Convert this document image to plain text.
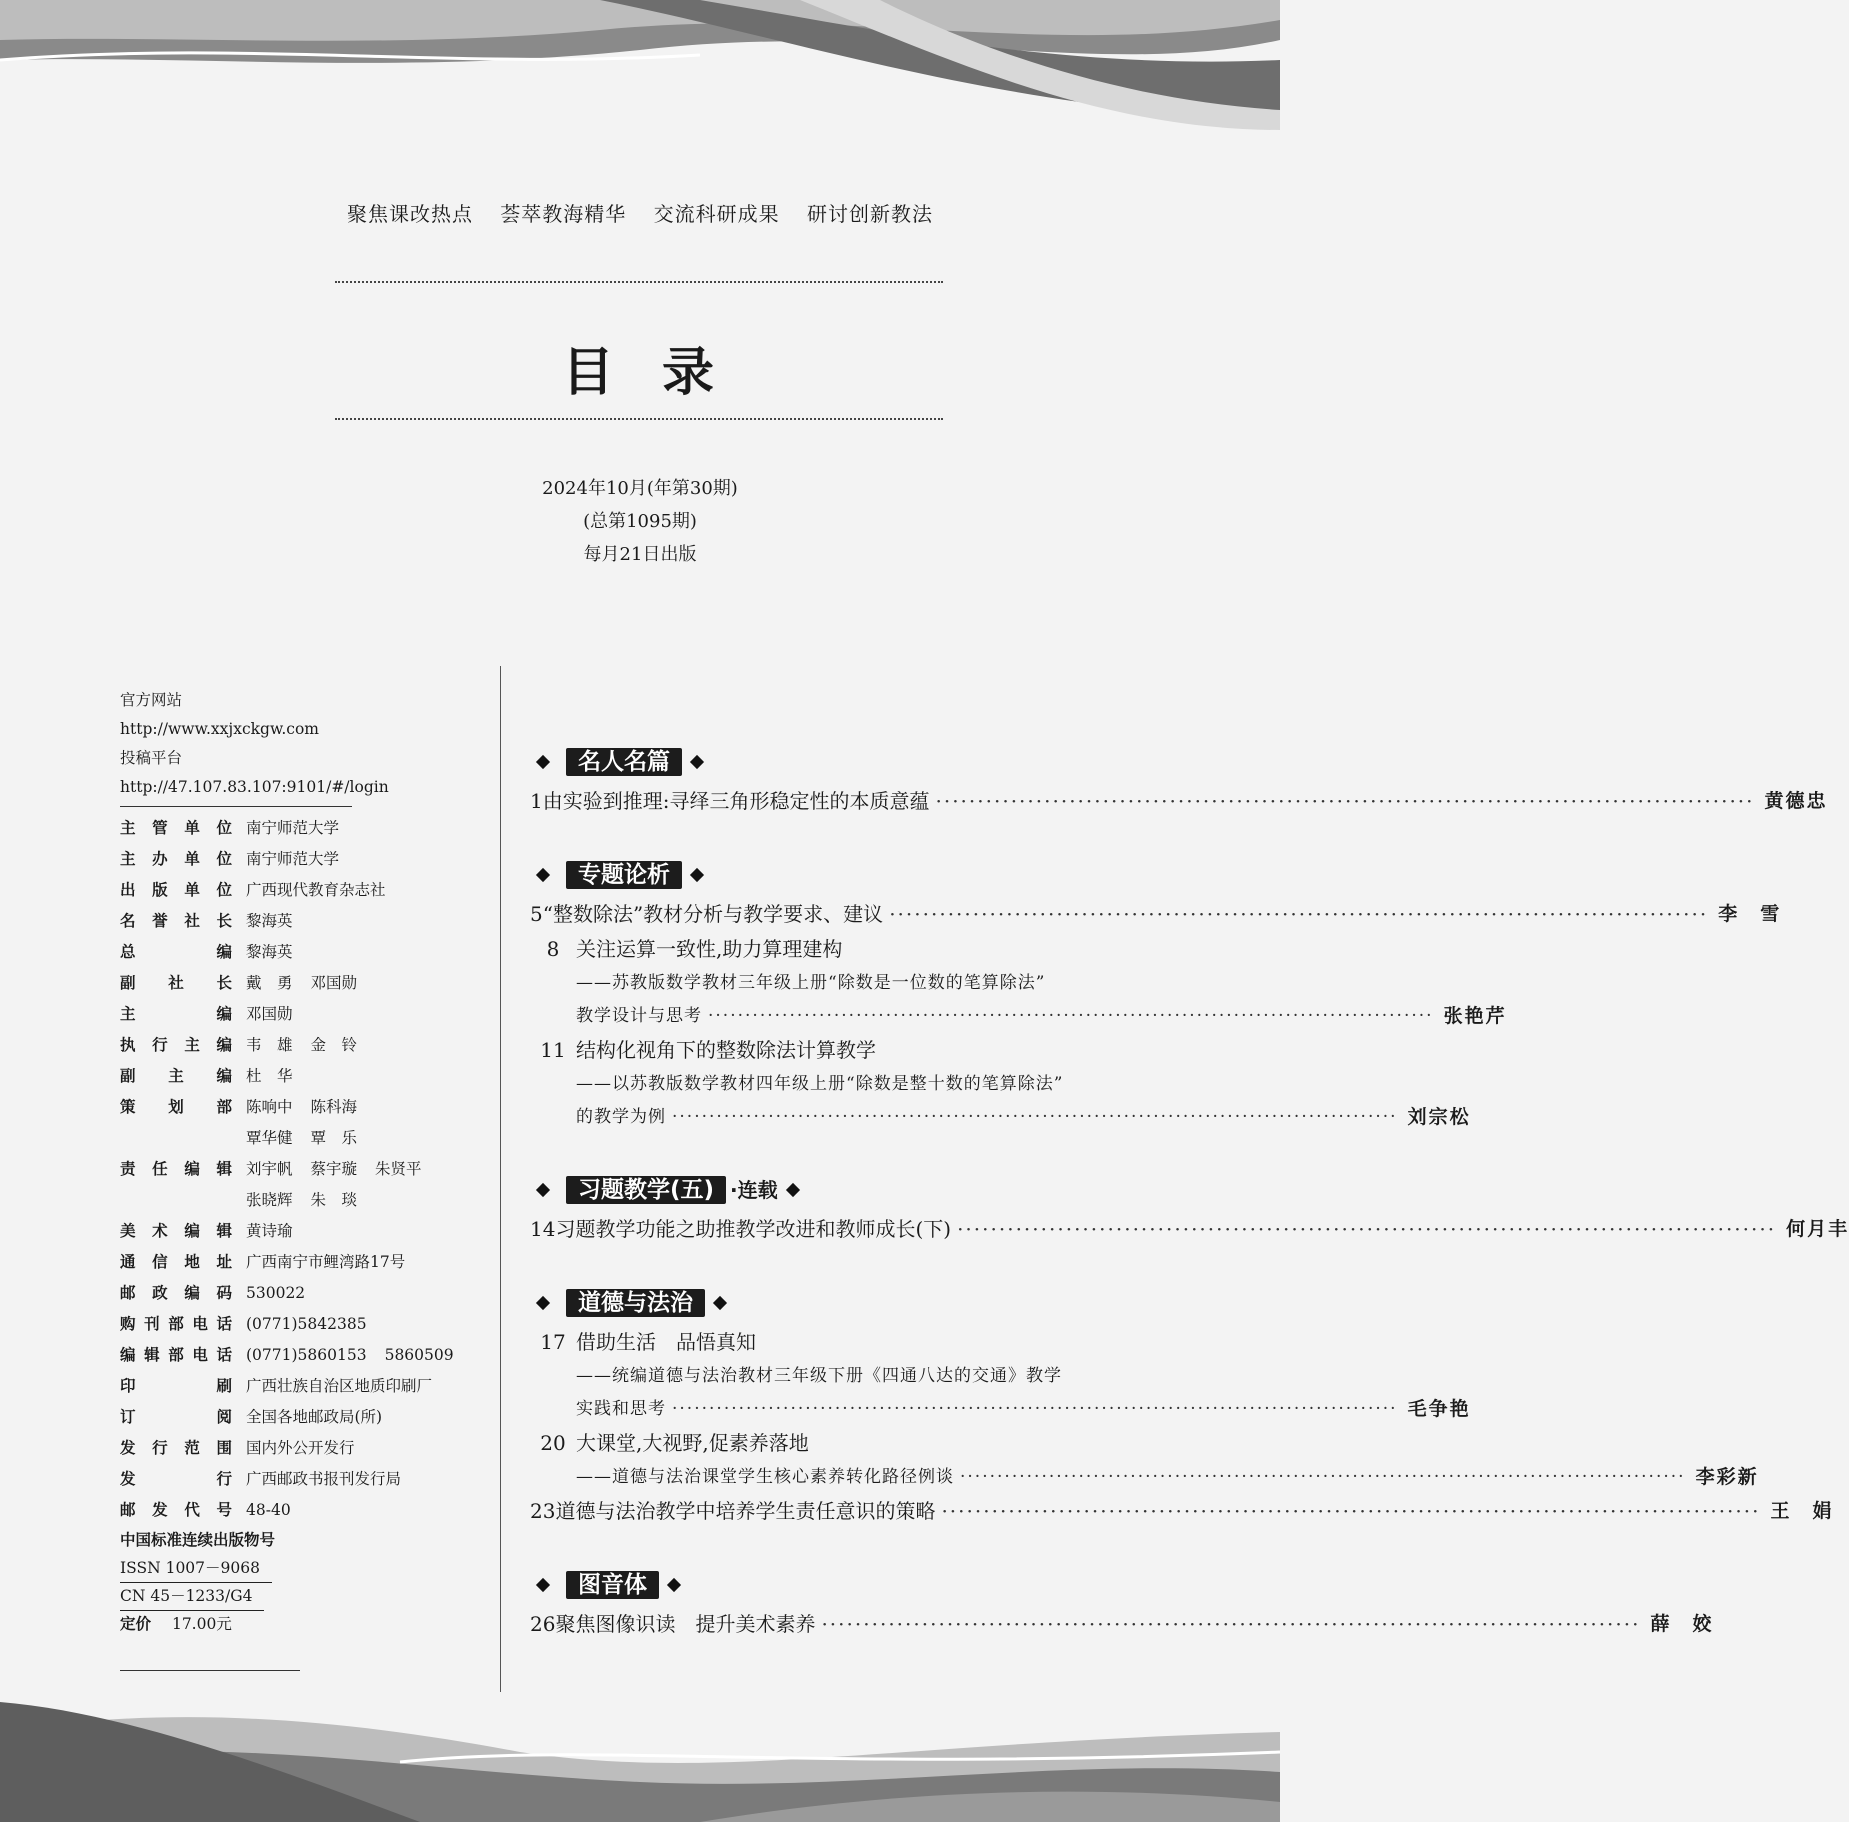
聚焦课改热点 荟萃教海精华 交流科研成果 研讨创新教法
目 录
2024年10月(年第30期)
(总第1095期)
每月21日出版
官方网站
http://www.xxjxckgw.com
投稿平台
http://47.107.83.107:9101/#/login
主管单位 南宁师范大学
主办单位 南宁师范大学
出版单位 广西现代教育杂志社
名誉社长 黎海英
总编 黎海英
副社长 戴　勇 邓国勋
主编 邓国勋
执行主编 韦　雄 金　铃
副主编 杜　华
策划部 陈响中 陈科海

覃华健 覃　乐
责任编辑 刘宇帆 蔡宇璇 朱贤平

张晓辉 朱　琰
美术编辑 黄诗瑜
通信地址 广西南宁市鲤湾路17号
邮政编码 530022
购刊部电话 (0771)5842385
编辑部电话 (0771)5860153 5860509
印刷 广西壮族自治区地质印刷厂
订阅 全国各地邮政局(所)
发行范围 国内外公开发行
发行 广西邮政书报刊发行局
邮发代号 48-40
中国标准连续出版物号
ISSN 1007－9068
CN 45－1233/G4
定价 17.00元
名人名篇
1 由实验到推理:寻绎三角形稳定性的本质意蕴 ·································································································· 黄德忠
专题论析
5 “整数除法”教材分析与教学要求、建议 ·································································································· 李　雪
8 关注运算一致性,助力算理建构
——苏教版数学教材三年级上册“除数是一位数的笔算除法”
教学设计与思考 ·································································································· 张艳芹
11 结构化视角下的整数除法计算教学
——以苏教版数学教材四年级上册“除数是整十数的笔算除法”
的教学为例 ·································································································· 刘宗松
习题教学(五) ·连载
14 习题教学功能之助推教学改进和教师成长(下) ·································································································· 何月丰
道德与法治
17 借助生活　品悟真知
——统编道德与法治教材三年级下册《四通八达的交通》教学
实践和思考 ·································································································· 毛争艳
20 大课堂,大视野,促素养落地
——道德与法治课堂学生核心素养转化路径例谈 ·································································································· 李彩新
23 道德与法治教学中培养学生责任意识的策略 ·································································································· 王　娟
图音体
26 聚焦图像识读　提升美术素养 ·································································································· 薛　姣
